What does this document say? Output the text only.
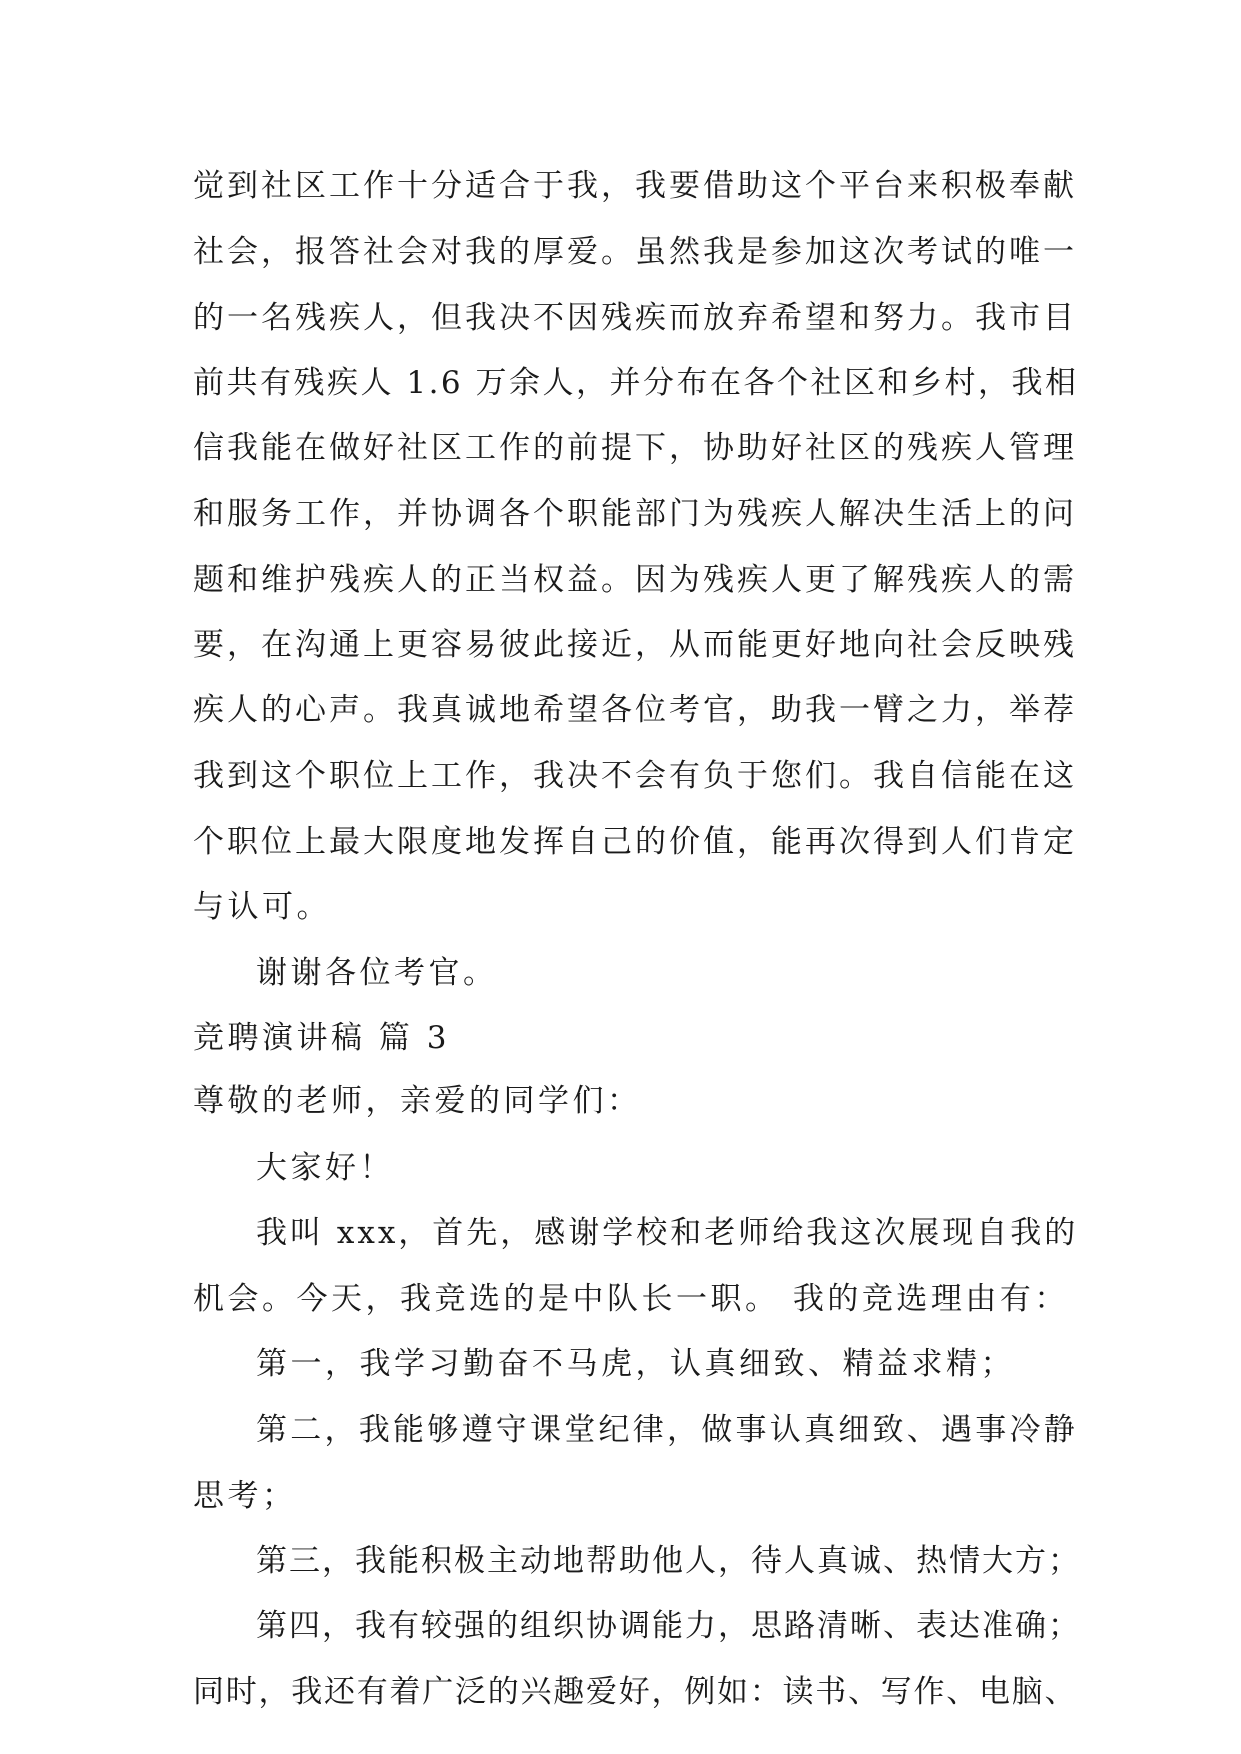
觉到社区工作十分适合于我，我要借助这个平台来积极奉献
社会，报答社会对我的厚爱。虽然我是参加这次考试的唯一
的一名残疾人，但我决不因残疾而放弃希望和努力。我市目
前共有残疾人 1.6 万余人，并分布在各个社区和乡村，我相
信我能在做好社区工作的前提下，协助好社区的残疾人管理
和服务工作，并协调各个职能部门为残疾人解决生活上的问
题和维护残疾人的正当权益。因为残疾人更了解残疾人的需
要，在沟通上更容易彼此接近，从而能更好地向社会反映残
疾人的心声。我真诚地希望各位考官，助我一臂之力，举荐
我到这个职位上工作，我决不会有负于您们。我自信能在这
个职位上最大限度地发挥自己的价值，能再次得到人们肯定
与认可。
谢谢各位考官。
竞聘演讲稿 篇 3
尊敬的老师，亲爱的同学们：
大家好！
我叫 xxx，首先，感谢学校和老师给我这次展现自我的
机会。今天，我竞选的是中队长一职。 我的竞选理由有：
第一，我学习勤奋不马虎，认真细致、精益求精；
第二，我能够遵守课堂纪律，做事认真细致、遇事冷静
思考；
第三，我能积极主动地帮助他人，待人真诚、热情大方；
第四，我有较强的组织协调能力，思路清晰、表达准确；
同时，我还有着广泛的兴趣爱好，例如：读书、写作、电脑、
